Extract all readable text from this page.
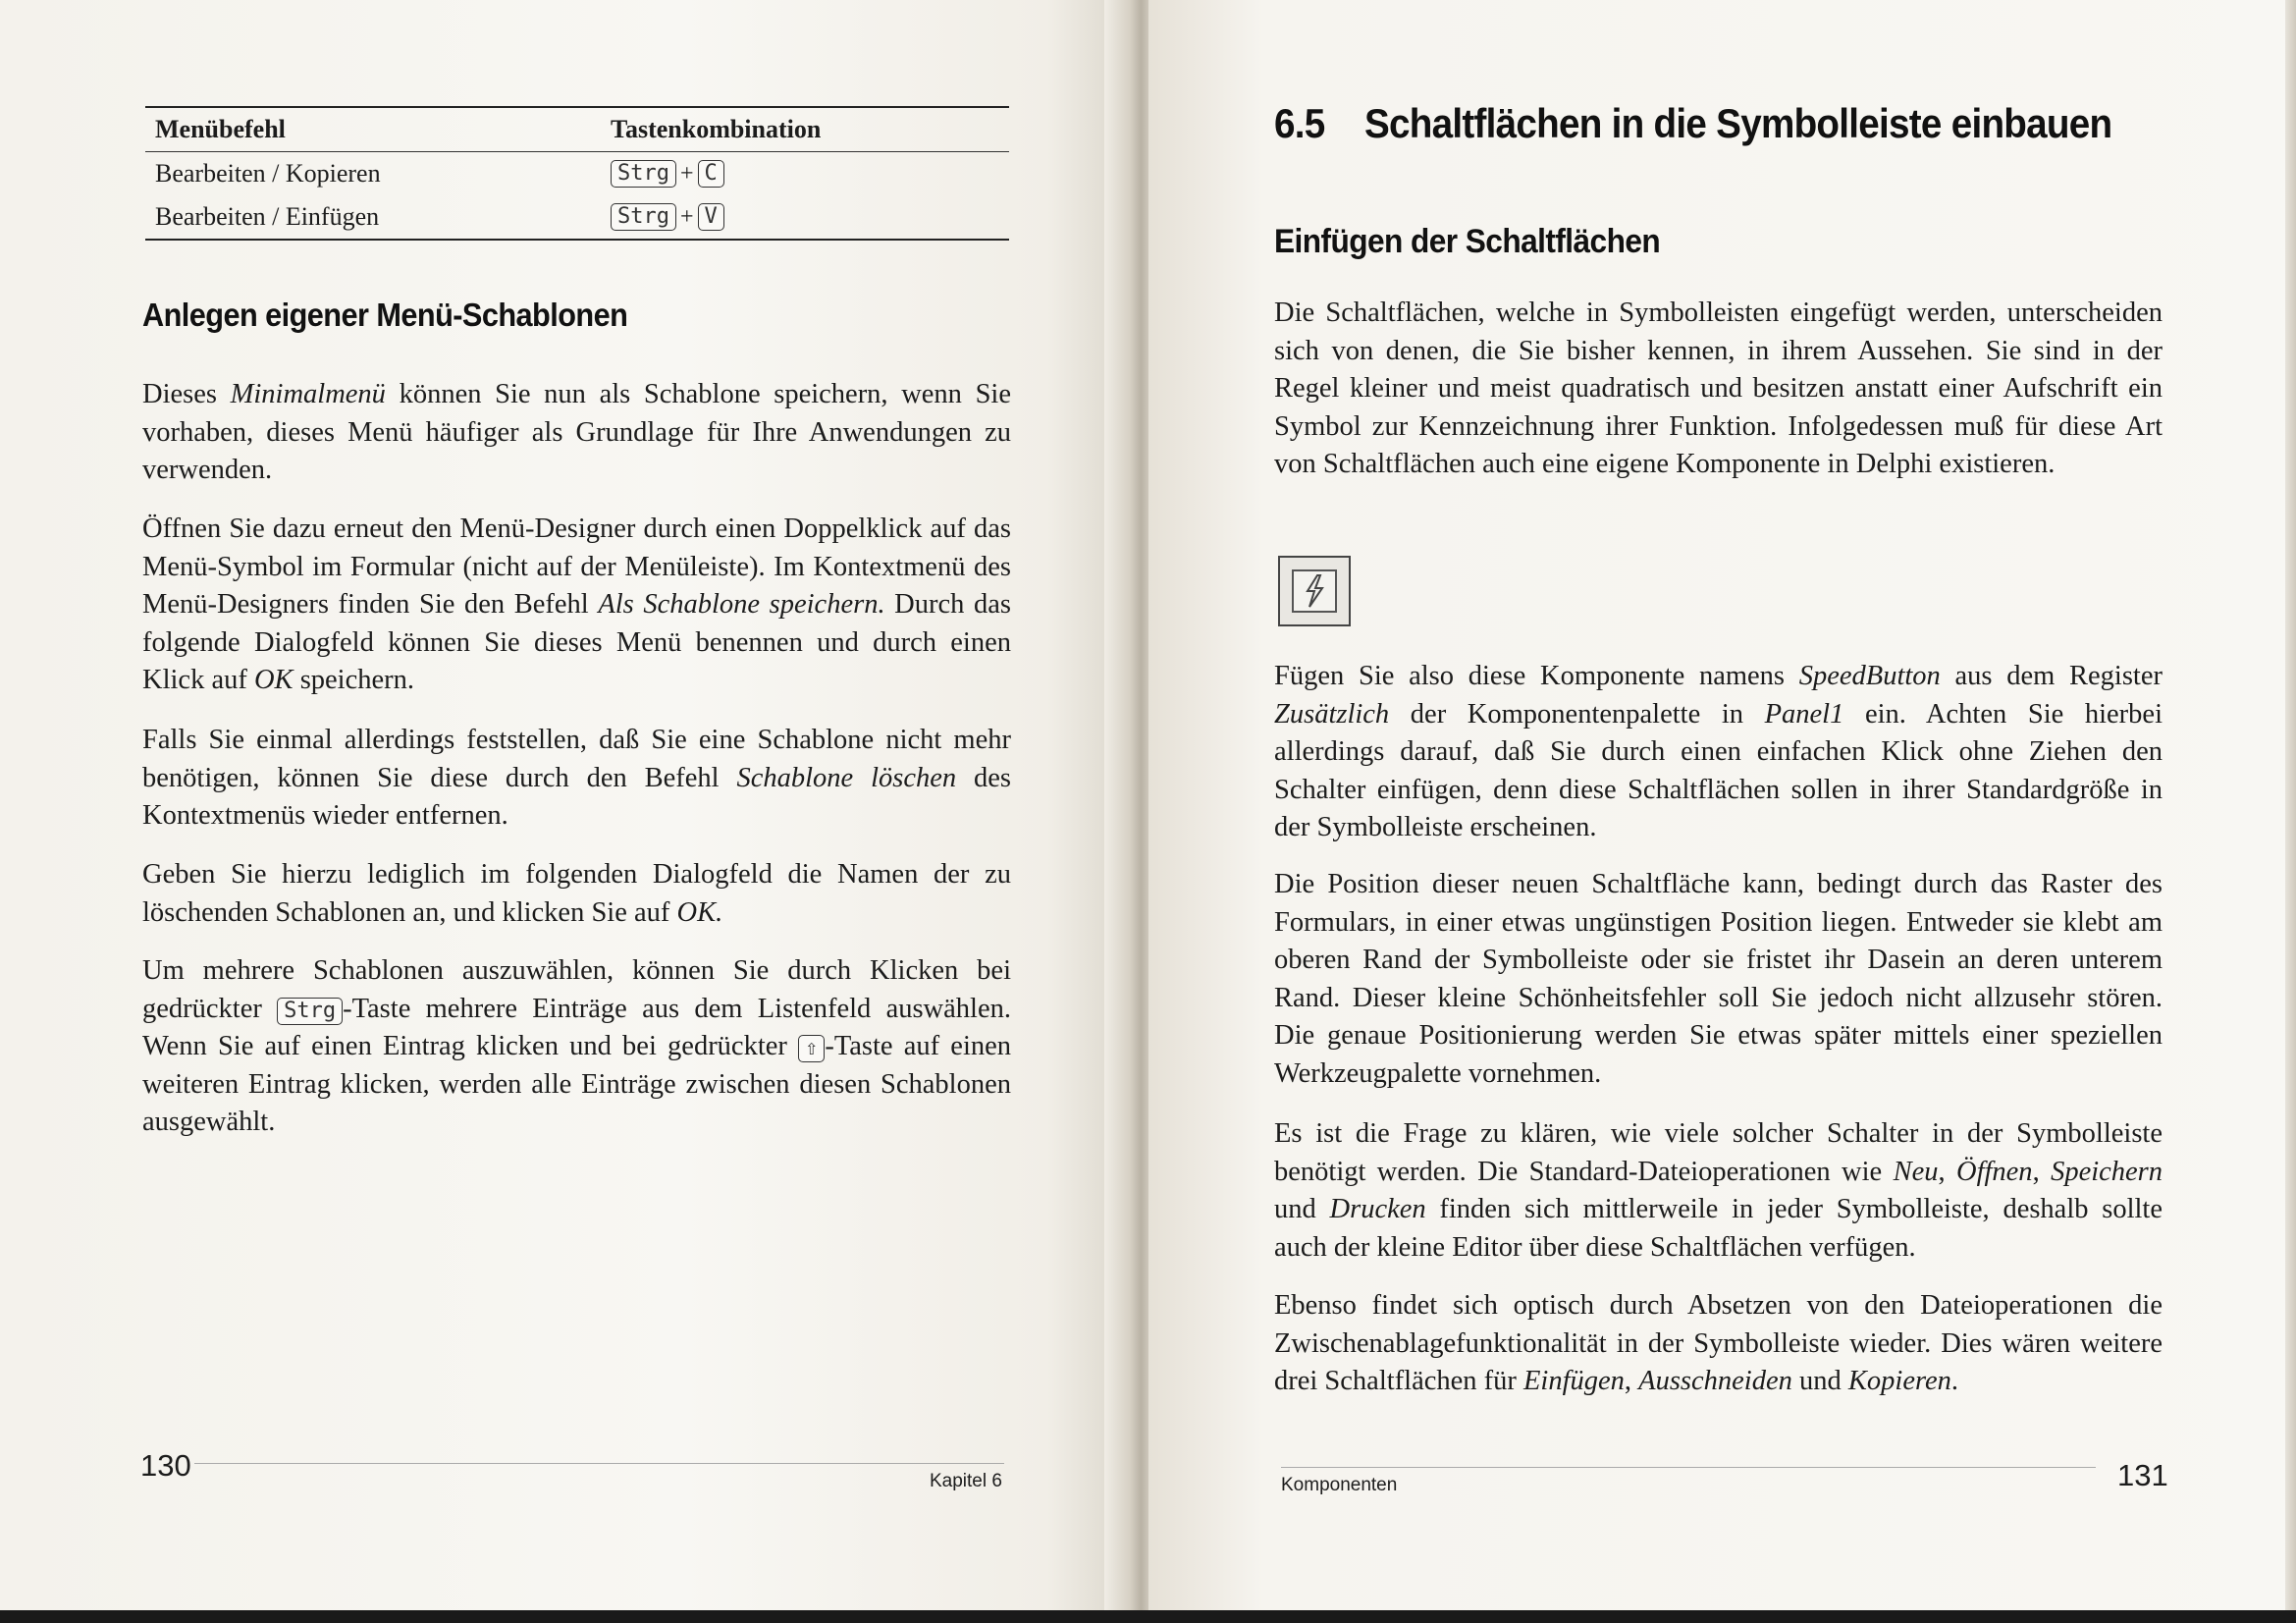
Menübefehl	Tastenkombination
Bearbeiten / Kopieren	Strg + C
Bearbeiten / Einfügen	Strg + V
Anlegen eigener Menü-Schablonen

Dieses Minimalmenü können Sie nun als Schablone speichern, wenn Sie vorhaben, dieses Menü häufiger als Grundlage für Ihre Anwendungen zu verwenden.

Öffnen Sie dazu erneut den Menü-Designer durch einen Doppelklick auf das Menü-Symbol im Formular (nicht auf der Menüleiste). Im Kontextmenü des Menü-Designers finden Sie den Befehl Als Schablone speichern. Durch das folgende Dialogfeld können Sie dieses Menü benennen und durch einen Klick auf OK speichern.

Falls Sie einmal allerdings feststellen, daß Sie eine Schablone nicht mehr benötigen, können Sie diese durch den Befehl Schablone löschen des Kontextmenüs wieder entfernen.

Geben Sie hierzu lediglich im folgenden Dialogfeld die Namen der zu löschenden Schablonen an, und klicken Sie auf OK.

Um mehrere Schablonen auszuwählen, können Sie durch Klicken bei gedrückter Strg -Taste mehrere Einträge aus dem Listenfeld auswählen. Wenn Sie auf einen Eintrag klicken und bei gedrückter ⇧ -Taste auf einen weiteren Eintrag klicken, werden alle Einträge zwischen diesen Schablonen ausgewählt.

130	Kapitel 6
6.5 Schaltflächen in die Symbolleiste einbauen
Einfügen der Schaltflächen

Die Schaltflächen, welche in Symbolleisten eingefügt werden, unterscheiden sich von denen, die Sie bisher kennen, in ihrem Aussehen. Sie sind in der Regel kleiner und meist quadratisch und besitzen anstatt einer Aufschrift ein Symbol zur Kennzeichnung ihrer Funktion. Infolgedessen muß für diese Art von Schaltflächen auch eine eigene Komponente in Delphi existieren.

Fügen Sie also diese Komponente namens SpeedButton aus dem Register Zusätzlich der Komponentenpalette in Panel1 ein. Achten Sie hierbei allerdings darauf, daß Sie durch einen einfachen Klick ohne Ziehen den Schalter einfügen, denn diese Schaltflächen sollen in ihrer Standardgröße in der Symbolleiste erscheinen.

Die Position dieser neuen Schaltfläche kann, bedingt durch das Raster des Formulars, in einer etwas ungünstigen Position liegen. Entweder sie klebt am oberen Rand der Symbolleiste oder sie fristet ihr Dasein an deren unterem Rand. Dieser kleine Schönheitsfehler soll Sie jedoch nicht allzusehr stören. Die genaue Positionierung werden Sie etwas später mittels einer speziellen Werkzeugpalette vornehmen.

Es ist die Frage zu klären, wie viele solcher Schalter in der Symbolleiste benötigt werden. Die Standard-Dateioperationen wie Neu, Öffnen, Speichern und Drucken finden sich mittlerweile in jeder Symbolleiste, deshalb sollte auch der kleine Editor über diese Schaltflächen verfügen.

Ebenso findet sich optisch durch Absetzen von den Dateioperationen die Zwischenablagefunktionalität in der Symbolleiste wieder. Dies wären weitere drei Schaltflächen für Einfügen, Ausschneiden und Kopieren.

Komponenten	131
